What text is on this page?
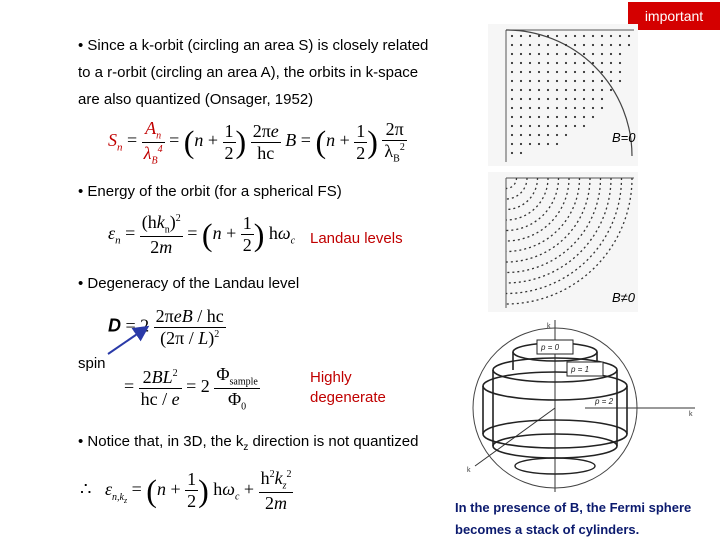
important
• Since a k-orbit (circling an area S) is closely related
to a r-orbit (circling an area A), the orbits in k-space
are also quantized (Onsager, 1952)
$S_n = \frac{A_n}{\lambda_B^4} = (n + \frac{1}{2}$ ) $\frac{2\pi e}{hc}$ $B = (n + \frac{1}{2}$ ) $\frac{2\pi}{\lambda_B^2}$
• Energy of the orbit (for a spherical FS)
$\varepsilon_n = \frac{(hk_n)^2}{2m} = (n + \frac{1}{2}$ ) $h\omega_c$ Landau levels
• Degeneracy of the Landau level
$D = 2 \frac{\text{2πeB / hc}}{(2\pi / L)^2}$
= $\frac{2BL^2}{hc / e} = 2 \frac{\Phi_{sample}}{\Phi_0}$
spin
Highly
degenerate
• Notice that, in 3D, the $k_z$ direction is not quantized
∴   $\varepsilon_{n,k_z} = (n + \frac{1}{2}$ ) $h\omega_c + \frac{h^2k_z^2}{2m}$
B=0
B≠0
k
k
k
p = 0
p = 1
p = 2
In the presence of B, the Fermi sphere
becomes a stack of cylinders.
